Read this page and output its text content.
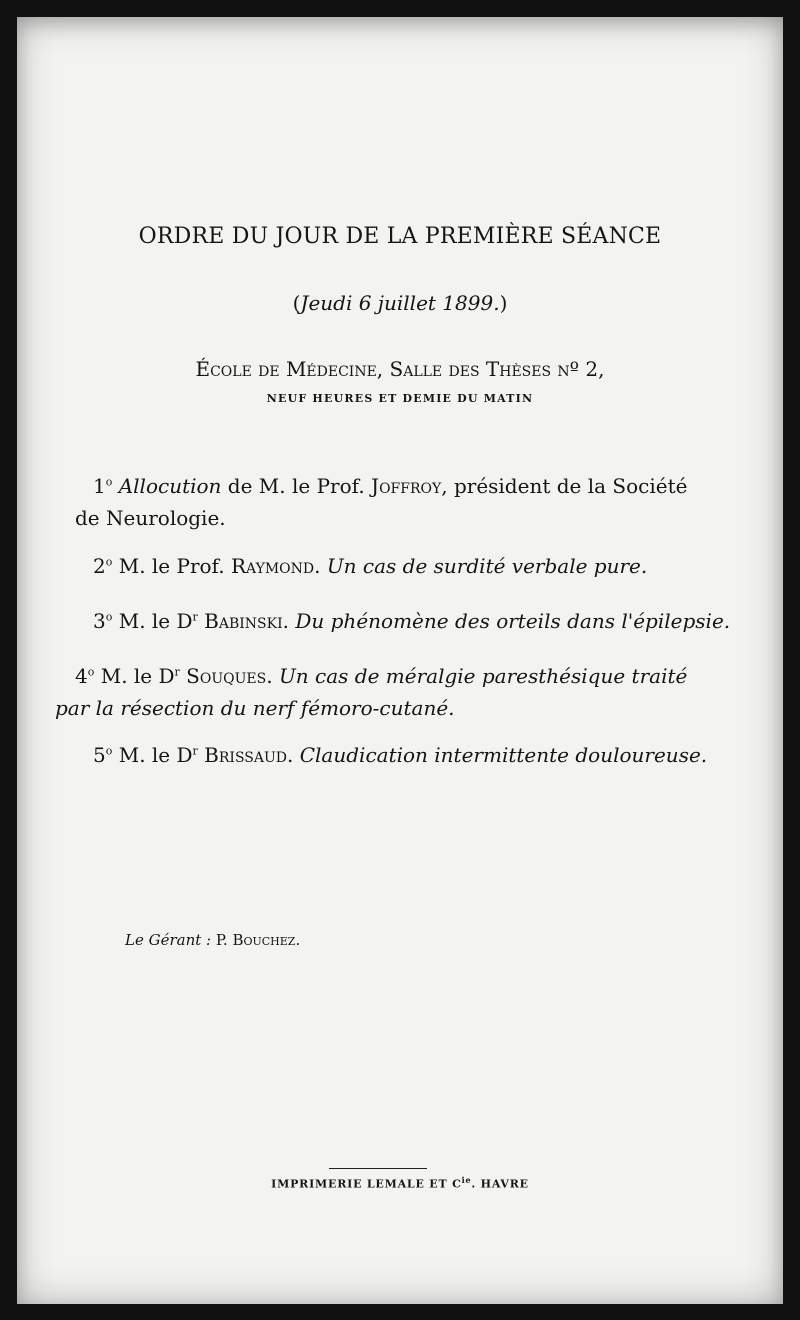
ORDRE DU JOUR DE LA PREMIÈRE SÉANCE
(Jeudi 6 juillet 1899.)
École de Médecine, Salle des Thèses nº 2,
NEUF HEURES ET DEMIE DU MATIN
1$^o$ Allocution de M. le Prof. Joffroy, président de la Société de Neurologie.
2$^o$ M. le Prof. Raymond. Un cas de surdité verbale pure.
3$^o$ M. le $D^r$ Babinski. Du phénomène des orteils dans l'épilepsie.
4$^o$ M. le $D^r$ Souques. Un cas de méralgie paresthésique traité par la résection du nerf fémoro-cutané.
5$^o$ M. le $D^r$ Brissaud. Claudication intermittente douloureuse.
Le Gérant : P. Bouchez.
IMPRIMERIE LEMALE ET $C^{ie}$. HAVRE
